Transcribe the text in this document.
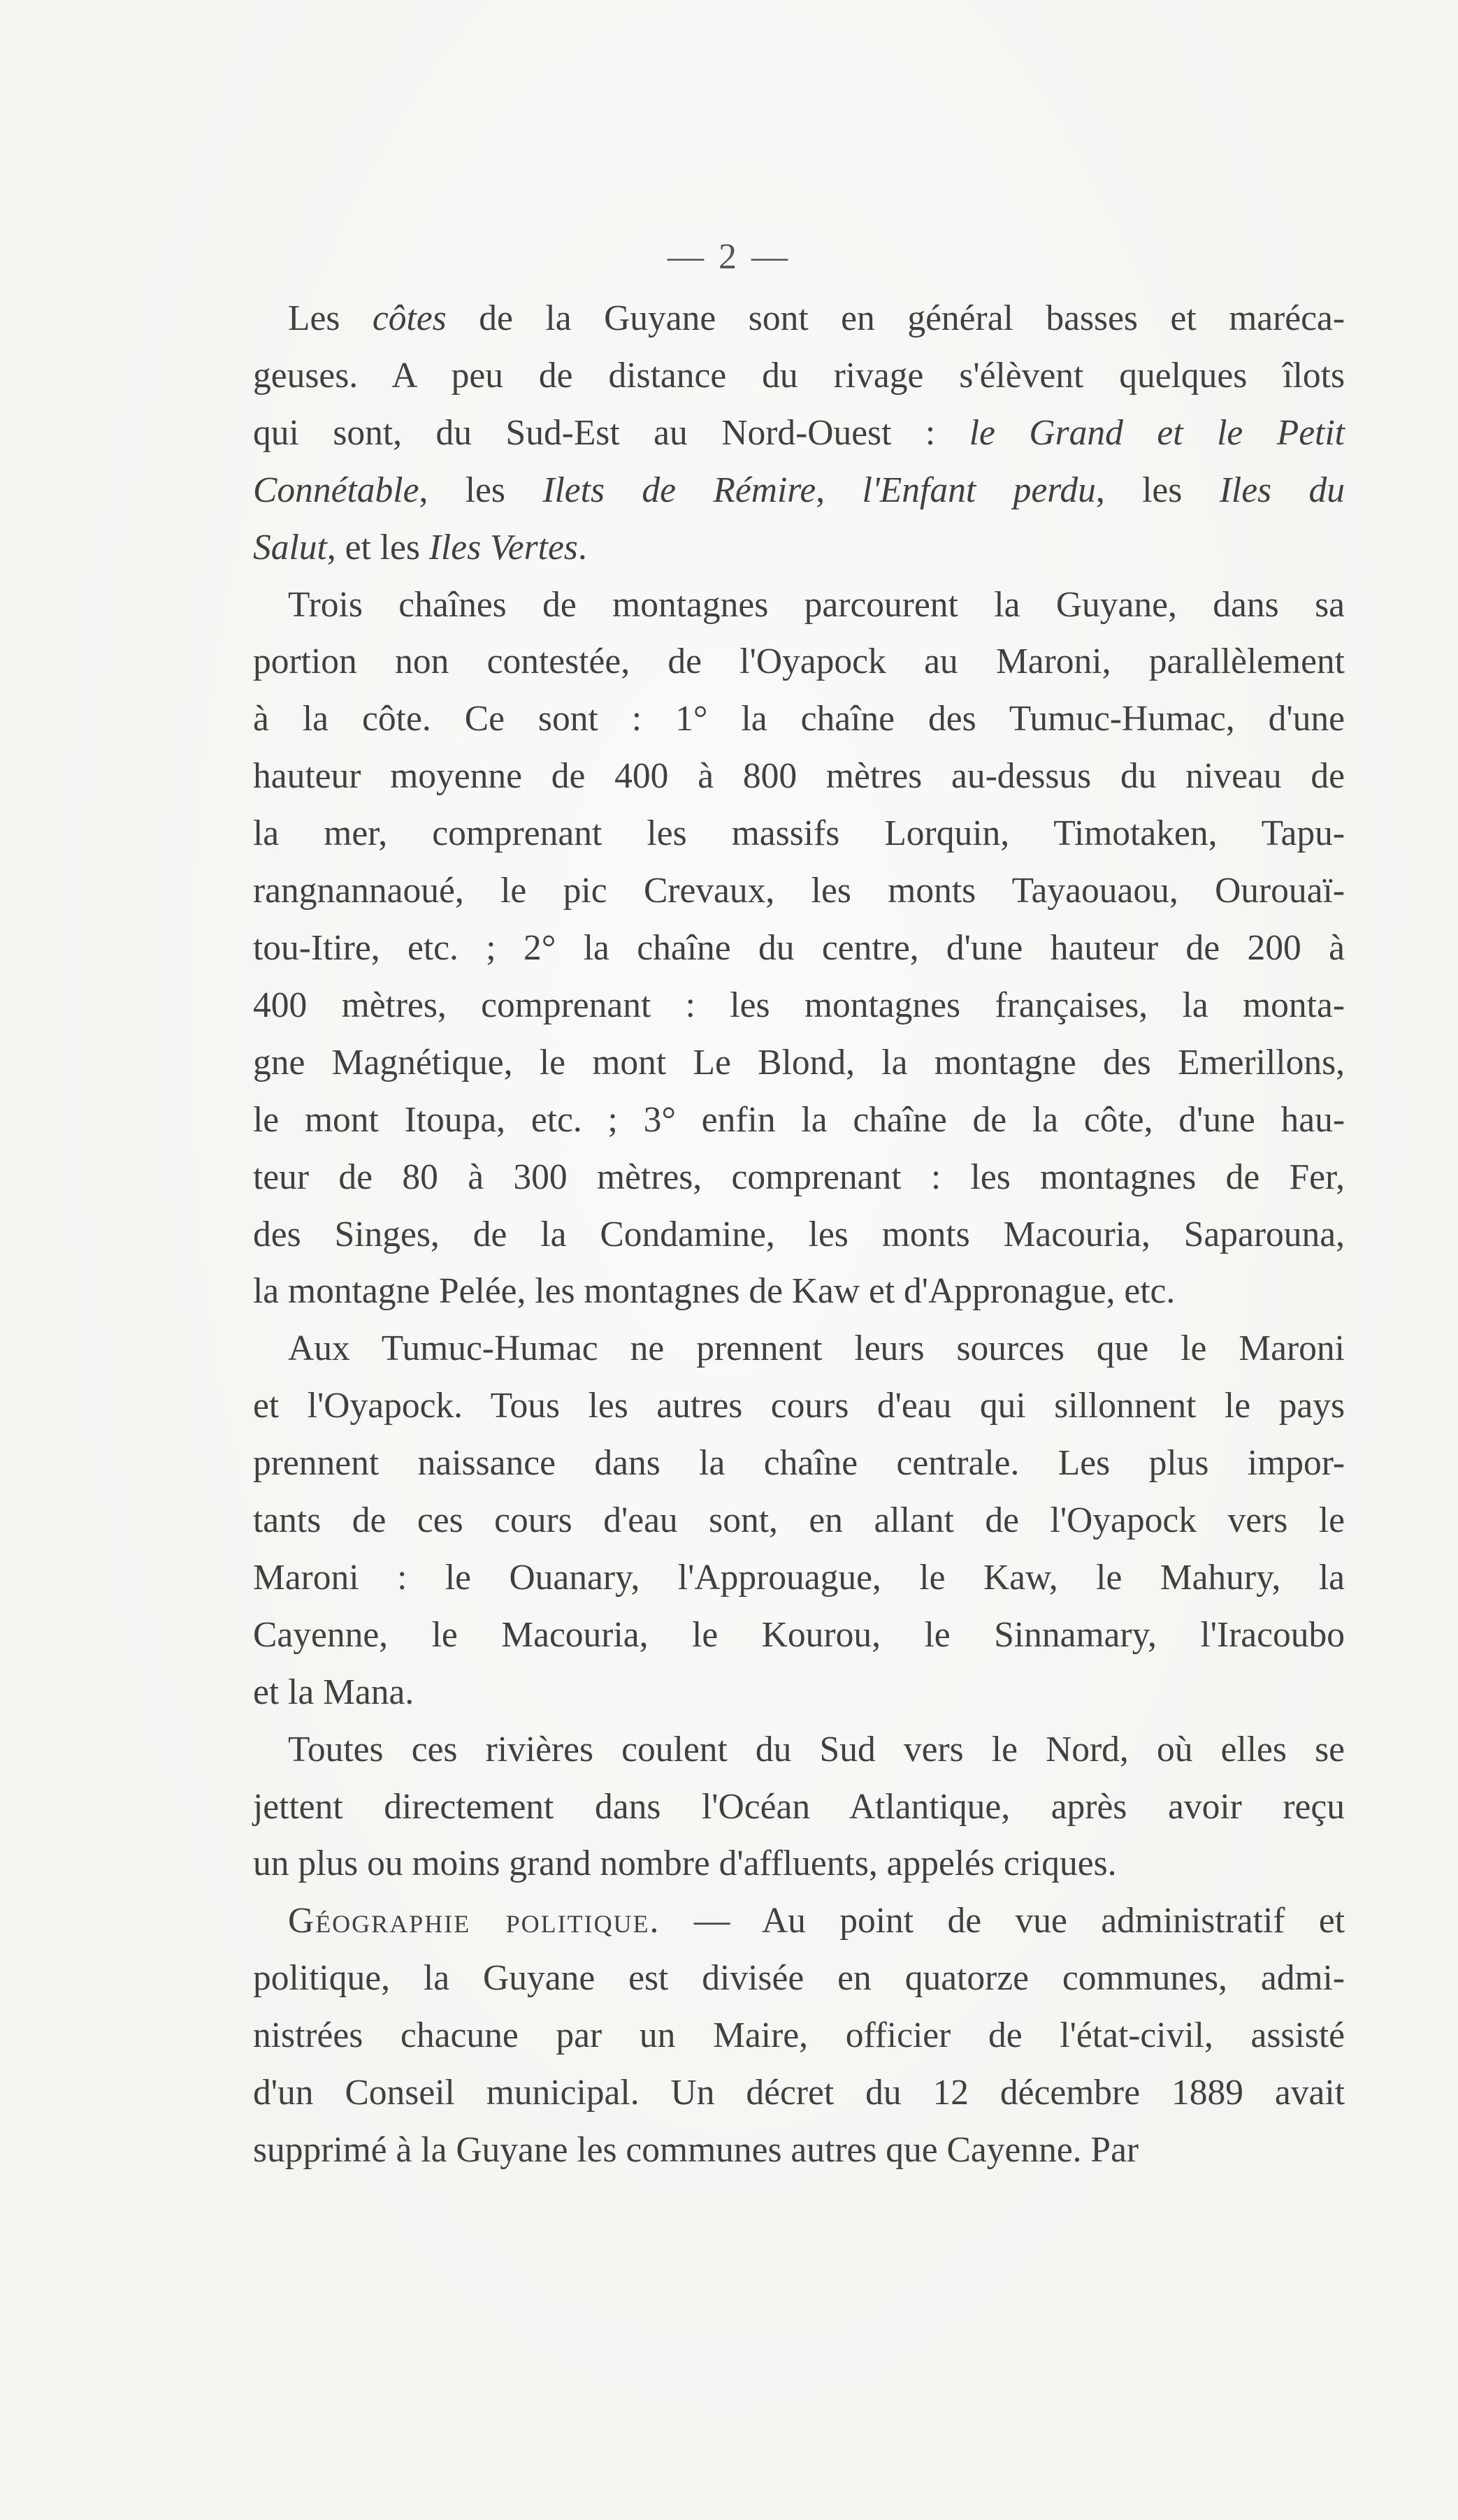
— 2 —
Les côtes de la Guyane sont en général basses et maréca-
geuses. A peu de distance du rivage s'élèvent quelques îlots
qui sont, du Sud-Est au Nord-Ouest : le Grand et le Petit
Connétable, les Ilets de Rémire, l'Enfant perdu, les Iles du
Salut, et les Iles Vertes.
Trois chaînes de montagnes parcourent la Guyane, dans sa
portion non contestée, de l'Oyapock au Maroni, parallèlement
à la côte. Ce sont : 1° la chaîne des Tumuc-Humac, d'une
hauteur moyenne de 400 à 800 mètres au-dessus du niveau de
la mer, comprenant les massifs Lorquin, Timotaken, Tapu-
rangnannaoué, le pic Crevaux, les monts Tayaouaou, Ourouaï-
tou-Itire, etc. ; 2° la chaîne du centre, d'une hauteur de 200 à
400 mètres, comprenant : les montagnes françaises, la monta-
gne Magnétique, le mont Le Blond, la montagne des Emerillons,
le mont Itoupa, etc. ; 3° enfin la chaîne de la côte, d'une hau-
teur de 80 à 300 mètres, comprenant : les montagnes de Fer,
des Singes, de la Condamine, les monts Macouria, Saparouna,
la montagne Pelée, les montagnes de Kaw et d'Appronague, etc.
Aux Tumuc-Humac ne prennent leurs sources que le Maroni
et l'Oyapock. Tous les autres cours d'eau qui sillonnent le pays
prennent naissance dans la chaîne centrale. Les plus impor-
tants de ces cours d'eau sont, en allant de l'Oyapock vers le
Maroni : le Ouanary, l'Approuague, le Kaw, le Mahury, la
Cayenne, le Macouria, le Kourou, le Sinnamary, l'Iracoubo
et la Mana.
Toutes ces rivières coulent du Sud vers le Nord, où elles se
jettent directement dans l'Océan Atlantique, après avoir reçu
un plus ou moins grand nombre d'affluents, appelés criques.
Géographie politique. — Au point de vue administratif et
politique, la Guyane est divisée en quatorze communes, admi-
nistrées chacune par un Maire, officier de l'état-civil, assisté
d'un Conseil municipal. Un décret du 12 décembre 1889 avait
supprimé à la Guyane les communes autres que Cayenne. Par
